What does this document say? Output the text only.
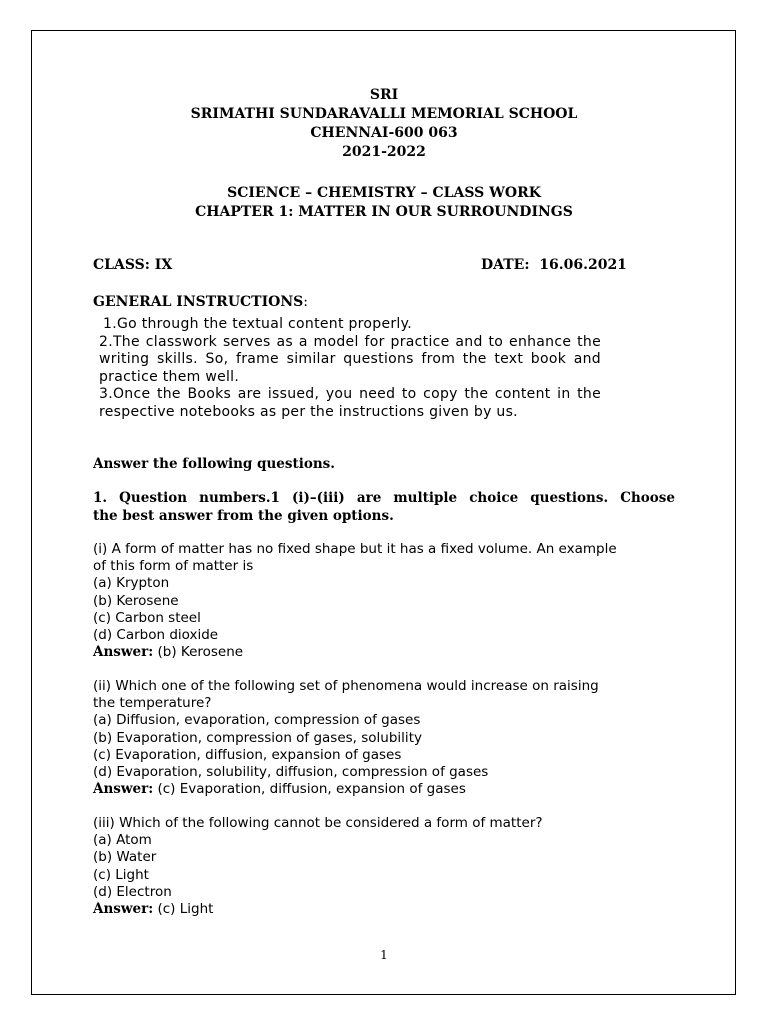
SRI
SRIMATHI SUNDARAVALLI MEMORIAL SCHOOL
CHENNAI-600 063
2021-2022
SCIENCE – CHEMISTRY – CLASS WORK
CHAPTER 1: MATTER IN OUR SURROUNDINGS
CLASS: IX	DATE: 16.06.2021
GENERAL INSTRUCTIONS:

1.Go through the textual content properly.

2.The classwork serves as a model for practice and to enhance the writing skills. So, frame similar questions from the text book and practice them well.

3.Once the Books are issued, you need to copy the content in the respective notebooks as per the instructions given by us.

Answer the following questions.
1. Question numbers.1 (i)–(iii) are multiple choice questions. Choose
the best answer from the given options.
(i) A form of matter has no fixed shape but it has a fixed volume. An example
of this form of matter is
(a) Krypton
(b) Kerosene
(c) Carbon steel
(d) Carbon dioxide
Answer: (b) Kerosene
(ii) Which one of the following set of phenomena would increase on raising
the temperature?
(a) Diffusion, evaporation, compression of gases
(b) Evaporation, compression of gases, solubility
(c) Evaporation, diffusion, expansion of gases
(d) Evaporation, solubility, diffusion, compression of gases
Answer: (c) Evaporation, diffusion, expansion of gases
(iii) Which of the following cannot be considered a form of matter?
(a) Atom
(b) Water
(c) Light
(d) Electron
Answer: (c) Light
1
